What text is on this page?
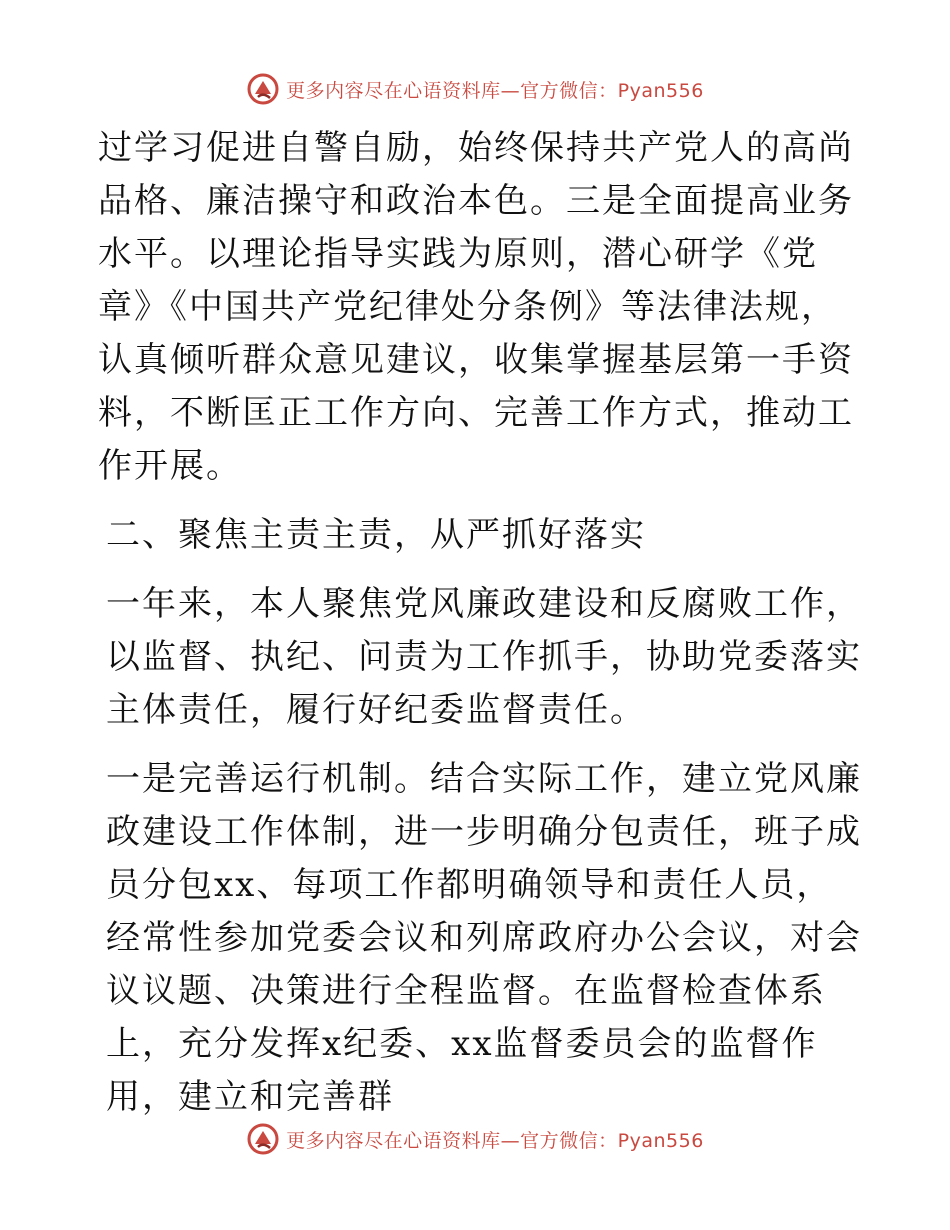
更多内容尽在心语资料库—官方微信：Pyan556

过学习促进自警自励，始终保持共产党人的高尚品格、廉洁操守和政治本色。三是全面提高业务水平。以理论指导实践为原则，潜心研学《党章》《中国共产党纪律处分条例》等法律法规，认真倾听群众意见建议，收集掌握基层第一手资料，不断匡正工作方向、完善工作方式，推动工作开展。

二、聚焦主责主责，从严抓好落实

一年来，本人聚焦党风廉政建设和反腐败工作，以监督、执纪、问责为工作抓手，协助党委落实主体责任，履行好纪委监督责任。

一是完善运行机制。结合实际工作，建立党风廉政建设工作体制，进一步明确分包责任，班子成员分包xx、每项工作都明确领导和责任人员，经常性参加党委会议和列席政府办公会议，对会议议题、决策进行全程监督。在监督检查体系上，充分发挥x纪委、xx监督委员会的监督作用，建立和完善群

更多内容尽在心语资料库—官方微信：Pyan556
